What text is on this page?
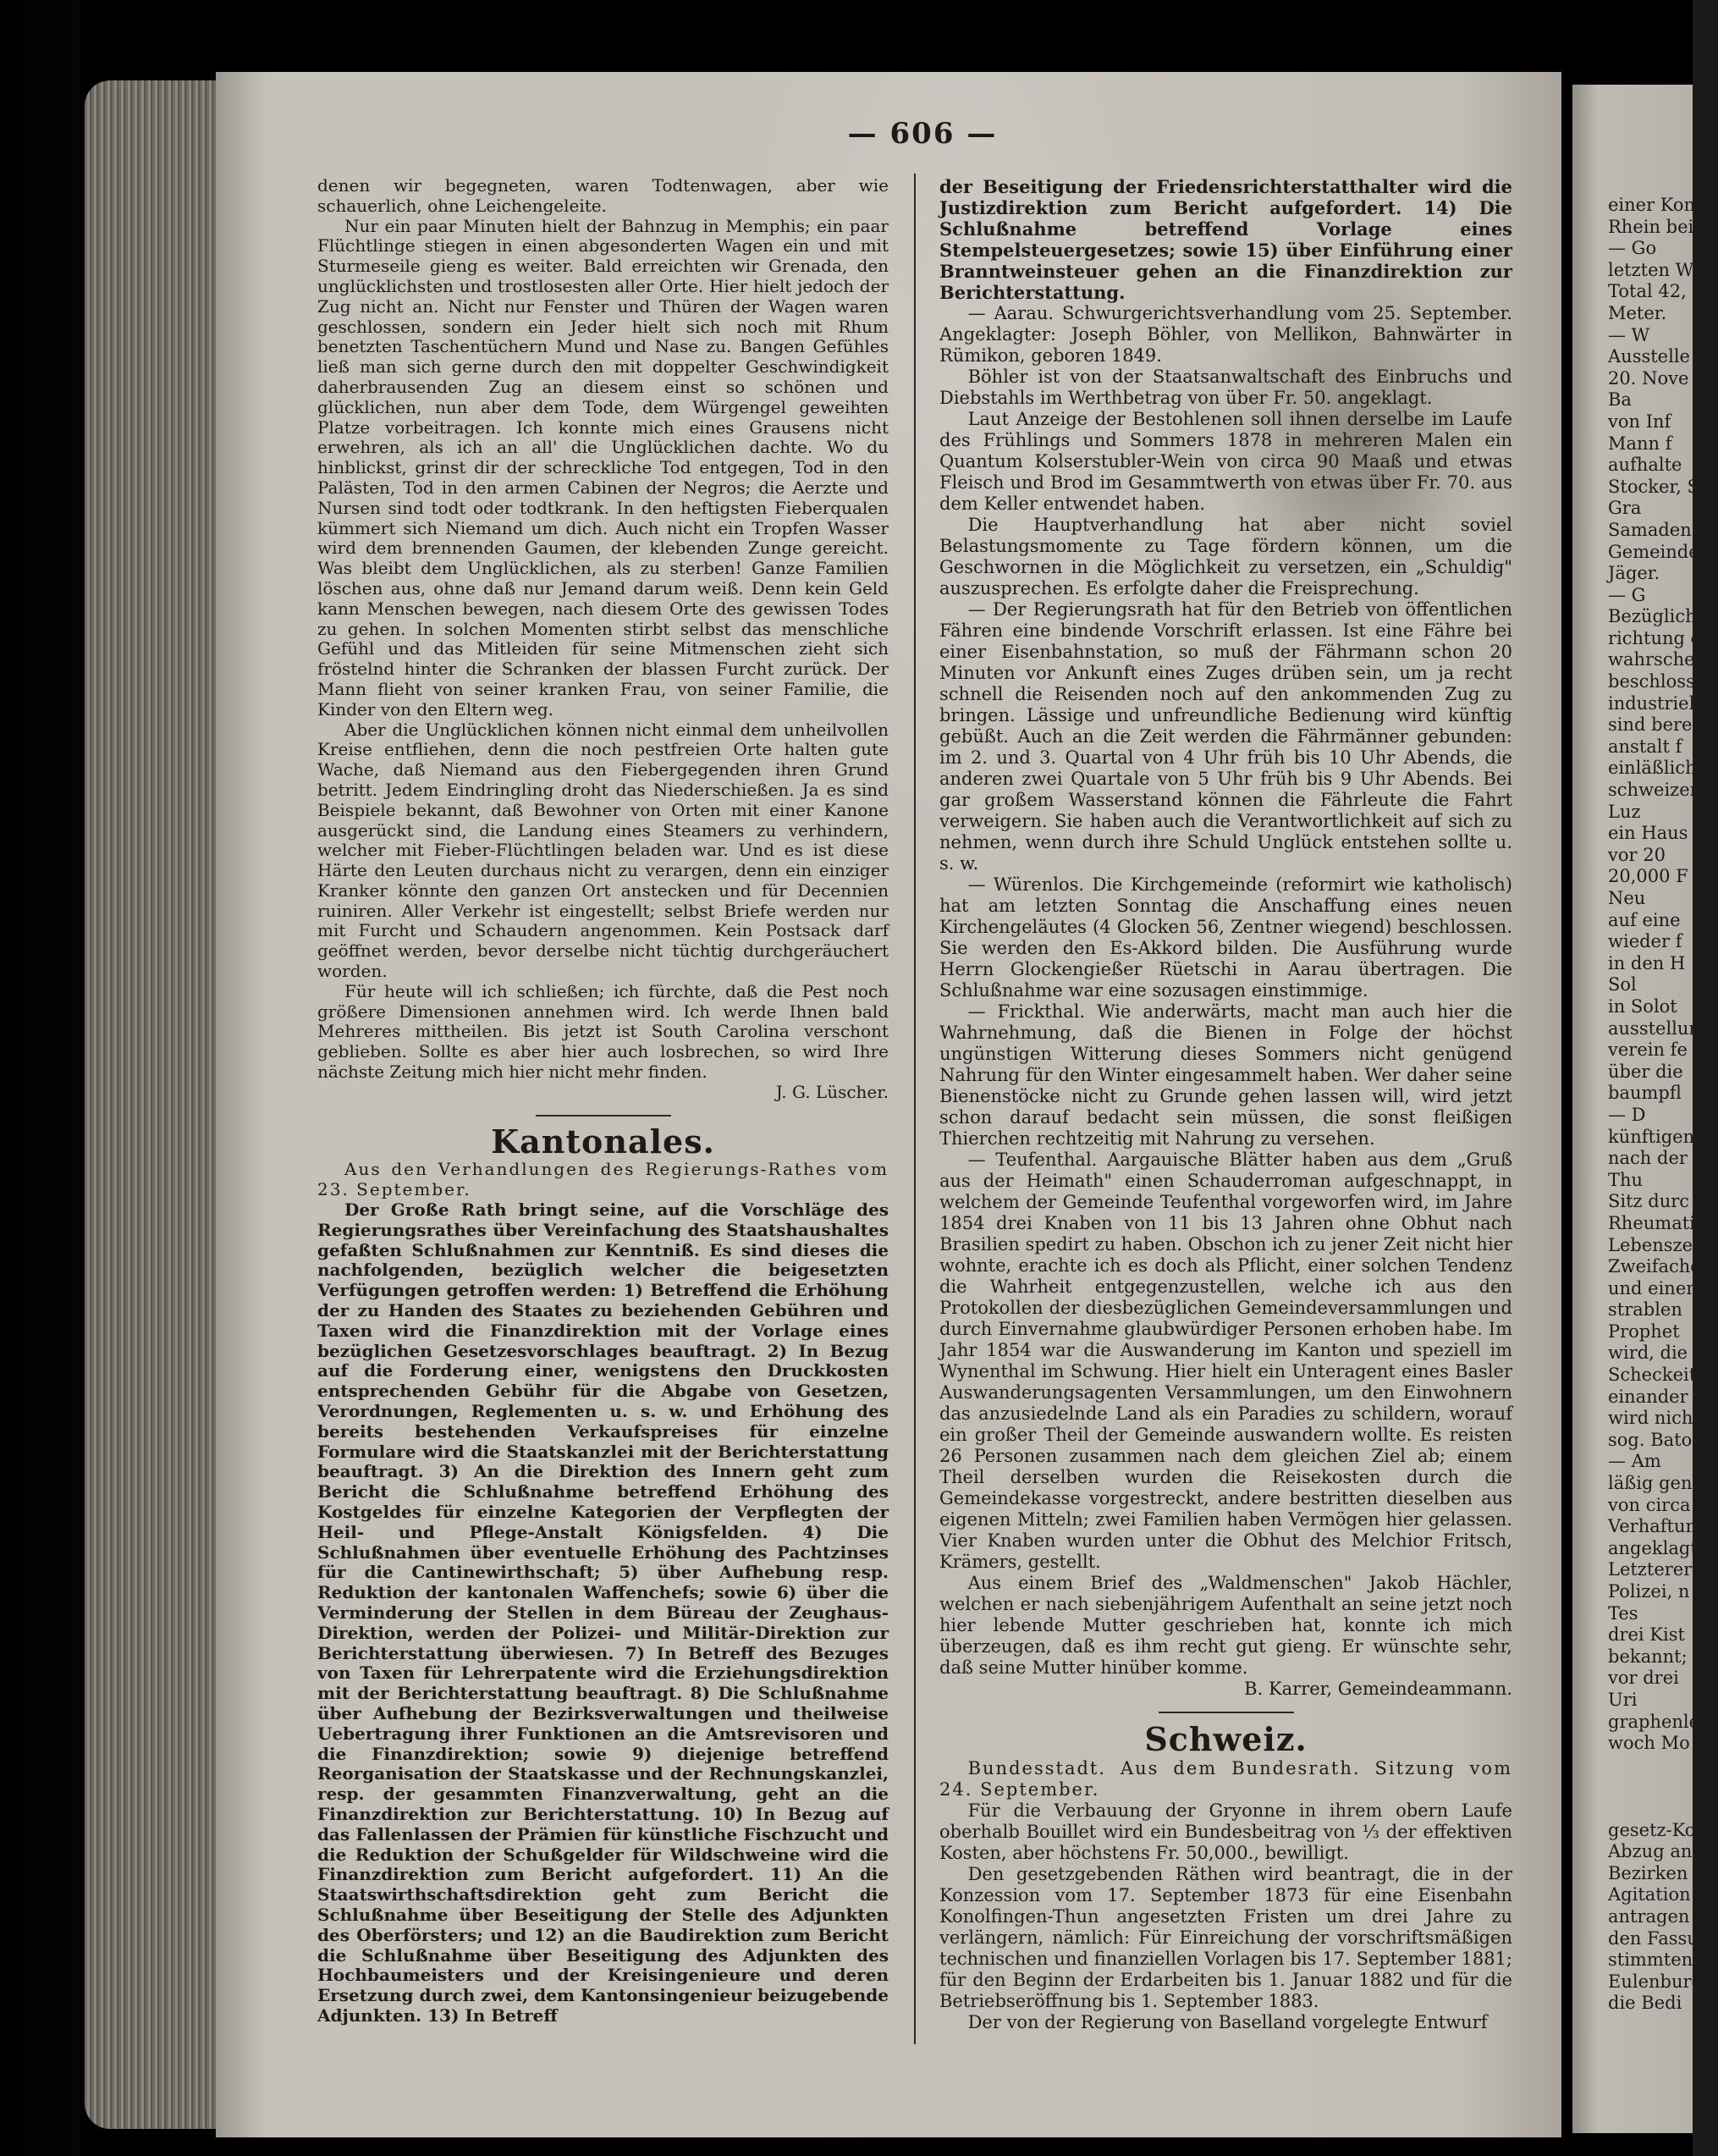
— 606 —

denen wir begegneten, waren Todtenwagen, aber wie schauerlich, ohne Leichengeleite.

Nur ein paar Minuten hielt der Bahnzug in Memphis; ein paar Flüchtlinge stiegen in einen abgesonderten Wagen ein und mit Sturmeseile gieng es weiter. Bald erreichten wir Grenada, den unglücklichsten und trostlosesten aller Orte. Hier hielt jedoch der Zug nicht an. Nicht nur Fenster und Thüren der Wagen waren geschlossen, sondern ein Jeder hielt sich noch mit Rhum benetzten Taschentüchern Mund und Nase zu. Bangen Gefühles ließ man sich gerne durch den mit doppelter Geschwindigkeit daherbrausenden Zug an diesem einst so schönen und glücklichen, nun aber dem Tode, dem Würgengel geweihten Platze vorbeitragen. Ich konnte mich eines Grausens nicht erwehren, als ich an all' die Unglücklichen dachte. Wo du hinblickst, grinst dir der schreckliche Tod entgegen, Tod in den Palästen, Tod in den armen Cabinen der Negros; die Aerzte und Nursen sind todt oder todtkrank. In den heftigsten Fieberqualen kümmert sich Niemand um dich. Auch nicht ein Tropfen Wasser wird dem brennenden Gaumen, der klebenden Zunge gereicht. Was bleibt dem Unglücklichen, als zu sterben! Ganze Familien löschen aus, ohne daß nur Jemand darum weiß. Denn kein Geld kann Menschen bewegen, nach diesem Orte des gewissen Todes zu gehen. In solchen Momenten stirbt selbst das menschliche Gefühl und das Mitleiden für seine Mitmenschen zieht sich fröstelnd hinter die Schranken der blassen Furcht zurück. Der Mann flieht von seiner kranken Frau, von seiner Familie, die Kinder von den Eltern weg.

Aber die Unglücklichen können nicht einmal dem unheilvollen Kreise entfliehen, denn die noch pestfreien Orte halten gute Wache, daß Niemand aus den Fiebergegenden ihren Grund betritt. Jedem Eindringling droht das Niederschießen. Ja es sind Beispiele bekannt, daß Bewohner von Orten mit einer Kanone ausgerückt sind, die Landung eines Steamers zu verhindern, welcher mit Fieber-Flüchtlingen beladen war. Und es ist diese Härte den Leuten durchaus nicht zu verargen, denn ein einziger Kranker könnte den ganzen Ort anstecken und für Decennien ruiniren. Aller Verkehr ist eingestellt; selbst Briefe werden nur mit Furcht und Schaudern angenommen. Kein Postsack darf geöffnet werden, bevor derselbe nicht tüchtig durchgeräuchert worden.

Für heute will ich schließen; ich fürchte, daß die Pest noch größere Dimensionen annehmen wird. Ich werde Ihnen bald Mehreres mittheilen. Bis jetzt ist South Carolina verschont geblieben. Sollte es aber hier auch losbrechen, so wird Ihre nächste Zeitung mich hier nicht mehr finden.

J. G. Lüscher.

Kantonales.

Aus den Verhandlungen des Regierungs-Rathes vom 23. September.

Der Große Rath bringt seine, auf die Vorschläge des Regierungsrathes über Vereinfachung des Staatshaushaltes gefaßten Schlußnahmen zur Kenntniß. Es sind dieses die nachfolgenden, bezüglich welcher die beigesetzten Verfügungen getroffen werden: 1) Betreffend die Erhöhung der zu Handen des Staates zu beziehenden Gebühren und Taxen wird die Finanzdirektion mit der Vorlage eines bezüglichen Gesetzesvorschlages beauftragt. 2) In Bezug auf die Forderung einer, wenigstens den Druckkosten entsprechenden Gebühr für die Abgabe von Gesetzen, Verordnungen, Reglementen u. s. w. und Erhöhung des bereits bestehenden Verkaufspreises für einzelne Formulare wird die Staatskanzlei mit der Berichterstattung beauftragt. 3) An die Direktion des Innern geht zum Bericht die Schlußnahme betreffend Erhöhung des Kostgeldes für einzelne Kategorien der Verpflegten der Heil- und Pflege-Anstalt Königsfelden. 4) Die Schlußnahmen über eventuelle Erhöhung des Pachtzinses für die Cantinewirthschaft; 5) über Aufhebung resp. Reduktion der kantonalen Waffenchefs; sowie 6) über die Verminderung der Stellen in dem Büreau der Zeughaus-Direktion, werden der Polizei- und Militär-Direktion zur Berichterstattung überwiesen. 7) In Betreff des Bezuges von Taxen für Lehrerpatente wird die Erziehungsdirektion mit der Berichterstattung beauftragt. 8) Die Schlußnahme über Aufhebung der Bezirksverwaltungen und theilweise Uebertragung ihrer Funktionen an die Amtsrevisoren und die Finanzdirektion; sowie 9) diejenige betreffend Reorganisation der Staatskasse und der Rechnungskanzlei, resp. der gesammten Finanzverwaltung, geht an die Finanzdirektion zur Berichterstattung. 10) In Bezug auf das Fallenlassen der Prämien für künstliche Fischzucht und die Reduktion der Schußgelder für Wildschweine wird die Finanzdirektion zum Bericht aufgefordert. 11) An die Staatswirthschaftsdirektion geht zum Bericht die Schlußnahme über Beseitigung der Stelle des Adjunkten des Oberförsters; und 12) an die Baudirektion zum Bericht die Schlußnahme über Beseitigung des Adjunkten des Hochbaumeisters und der Kreisingenieure und deren Ersetzung durch zwei, dem Kantonsingenieur beizugebende Adjunkten. 13) In Betreff

der Beseitigung der Friedensrichterstatthalter wird die Justizdirektion zum Bericht aufgefordert. 14) Die Schlußnahme betreffend Vorlage eines Stempelsteuergesetzes; sowie 15) über Einführung einer Branntweinsteuer gehen an die Finanzdirektion zur Berichterstattung.

— Aarau. Schwurgerichtsverhandlung vom 25. September. Angeklagter: Joseph Böhler, von Mellikon, Bahnwärter in Rümikon, geboren 1849.

Böhler ist von der Staatsanwaltschaft des Einbruchs und Diebstahls im Werthbetrag von über Fr. 50. angeklagt.

Laut Anzeige der Bestohlenen soll ihnen derselbe im Laufe des Frühlings und Sommers 1878 in mehreren Malen ein Quantum Kolserstubler-Wein von circa 90 Maaß und etwas Fleisch und Brod im Gesammtwerth von etwas über Fr. 70. aus dem Keller entwendet haben.

Die Hauptverhandlung hat aber nicht soviel Belastungsmomente zu Tage fördern können, um die Geschwornen in die Möglichkeit zu versetzen, ein „Schuldig" auszusprechen. Es erfolgte daher die Freisprechung.

— Der Regierungsrath hat für den Betrieb von öffentlichen Fähren eine bindende Vorschrift erlassen. Ist eine Fähre bei einer Eisenbahnstation, so muß der Fährmann schon 20 Minuten vor Ankunft eines Zuges drüben sein, um ja recht schnell die Reisenden noch auf den ankommenden Zug zu bringen. Lässige und unfreundliche Bedienung wird künftig gebüßt. Auch an die Zeit werden die Fährmänner gebunden: im 2. und 3. Quartal von 4 Uhr früh bis 10 Uhr Abends, die anderen zwei Quartale von 5 Uhr früh bis 9 Uhr Abends. Bei gar großem Wasserstand können die Fährleute die Fahrt verweigern. Sie haben auch die Verantwortlichkeit auf sich zu nehmen, wenn durch ihre Schuld Unglück entstehen sollte u. s. w.

— Würenlos. Die Kirchgemeinde (reformirt wie katholisch) hat am letzten Sonntag die Anschaffung eines neuen Kirchengeläutes (4 Glocken 56, Zentner wiegend) beschlossen. Sie werden den Es-Akkord bilden. Die Ausführung wurde Herrn Glockengießer Rüetschi in Aarau übertragen. Die Schlußnahme war eine sozusagen einstimmige.

— Frickthal. Wie anderwärts, macht man auch hier die Wahrnehmung, daß die Bienen in Folge der höchst ungünstigen Witterung dieses Sommers nicht genügend Nahrung für den Winter eingesammelt haben. Wer daher seine Bienenstöcke nicht zu Grunde gehen lassen will, wird jetzt schon darauf bedacht sein müssen, die sonst fleißigen Thierchen rechtzeitig mit Nahrung zu versehen.

— Teufenthal. Aargauische Blätter haben aus dem „Gruß aus der Heimath" einen Schauderroman aufgeschnappt, in welchem der Gemeinde Teufenthal vorgeworfen wird, im Jahre 1854 drei Knaben von 11 bis 13 Jahren ohne Obhut nach Brasilien spedirt zu haben. Obschon ich zu jener Zeit nicht hier wohnte, erachte ich es doch als Pflicht, einer solchen Tendenz die Wahrheit entgegenzustellen, welche ich aus den Protokollen der diesbezüglichen Gemeindeversammlungen und durch Einvernahme glaubwürdiger Personen erhoben habe. Im Jahr 1854 war die Auswanderung im Kanton und speziell im Wynenthal im Schwung. Hier hielt ein Unteragent eines Basler Auswanderungsagenten Versammlungen, um den Einwohnern das anzusiedelnde Land als ein Paradies zu schildern, worauf ein großer Theil der Gemeinde auswandern wollte. Es reisten 26 Personen zusammen nach dem gleichen Ziel ab; einem Theil derselben wurden die Reisekosten durch die Gemeindekasse vorgestreckt, andere bestritten dieselben aus eigenen Mitteln; zwei Familien haben Vermögen hier gelassen. Vier Knaben wurden unter die Obhut des Melchior Fritsch, Krämers, gestellt.

Aus einem Brief des „Waldmenschen" Jakob Hächler, welchen er nach siebenjährigem Aufenthalt an seine jetzt noch hier lebende Mutter geschrieben hat, konnte ich mich überzeugen, daß es ihm recht gut gieng. Er wünschte sehr, daß seine Mutter hinüber komme.

B. Karrer, Gemeindeammann.

Schweiz.

Bundesstadt. Aus dem Bundesrath. Sitzung vom 24. September.

Für die Verbauung der Gryonne in ihrem obern Laufe oberhalb Bouillet wird ein Bundesbeitrag von ⅓ der effektiven Kosten, aber höchstens Fr. 50,000., bewilligt.

Den gesetzgebenden Räthen wird beantragt, die in der Konzession vom 17. September 1873 für eine Eisenbahn Konolfingen-Thun angesetzten Fristen um drei Jahre zu verlängern, nämlich: Für Einreichung der vorschriftsmäßigen technischen und finanziellen Vorlagen bis 17. September 1881; für den Beginn der Erdarbeiten bis 1. Januar 1882 und für die Betriebseröffnung bis 1. September 1883.

Der von der Regierung von Baselland vorgelegte Entwurf

einer Kon
Rhein bei
— Go
letzten W
Total 42,
Meter.
— W
Ausstelle
20. Nove
Ba
von Inf
Mann f
aufhalte
Stocker, S
Gra
Samaden
Gemeinde
Jäger.
— G
Bezüglich
richtung e
wahrscheinl
beschlossen
industriell
sind berei
anstalt f
einläßlich
schweizeris
Luz
ein Haus
vor 20
20,000 F
Neu
auf eine
wieder f
in den H
Sol
in Solot
ausstellun
verein fe
über die
baumpfl
— D
künftigen
nach der
Thu
Sitz durc
Rheumati
Lebenszeid
Zweifache
und einen
strablen
Prophet
wird, die
Scheckeit
einander
wird nicht
sog. Bato
— Am
läßig gene
von circa
Verhaftun
angeklagte
Letzterer
Polizei, n
Tes
drei Kist
bekannt;
vor drei
Uri
graphenle
woch Mo
gesetz-Kon
Abzug an
Bezirken
Agitation
antragen
den Fassu
stimmten
Eulenburg
die Bedi
